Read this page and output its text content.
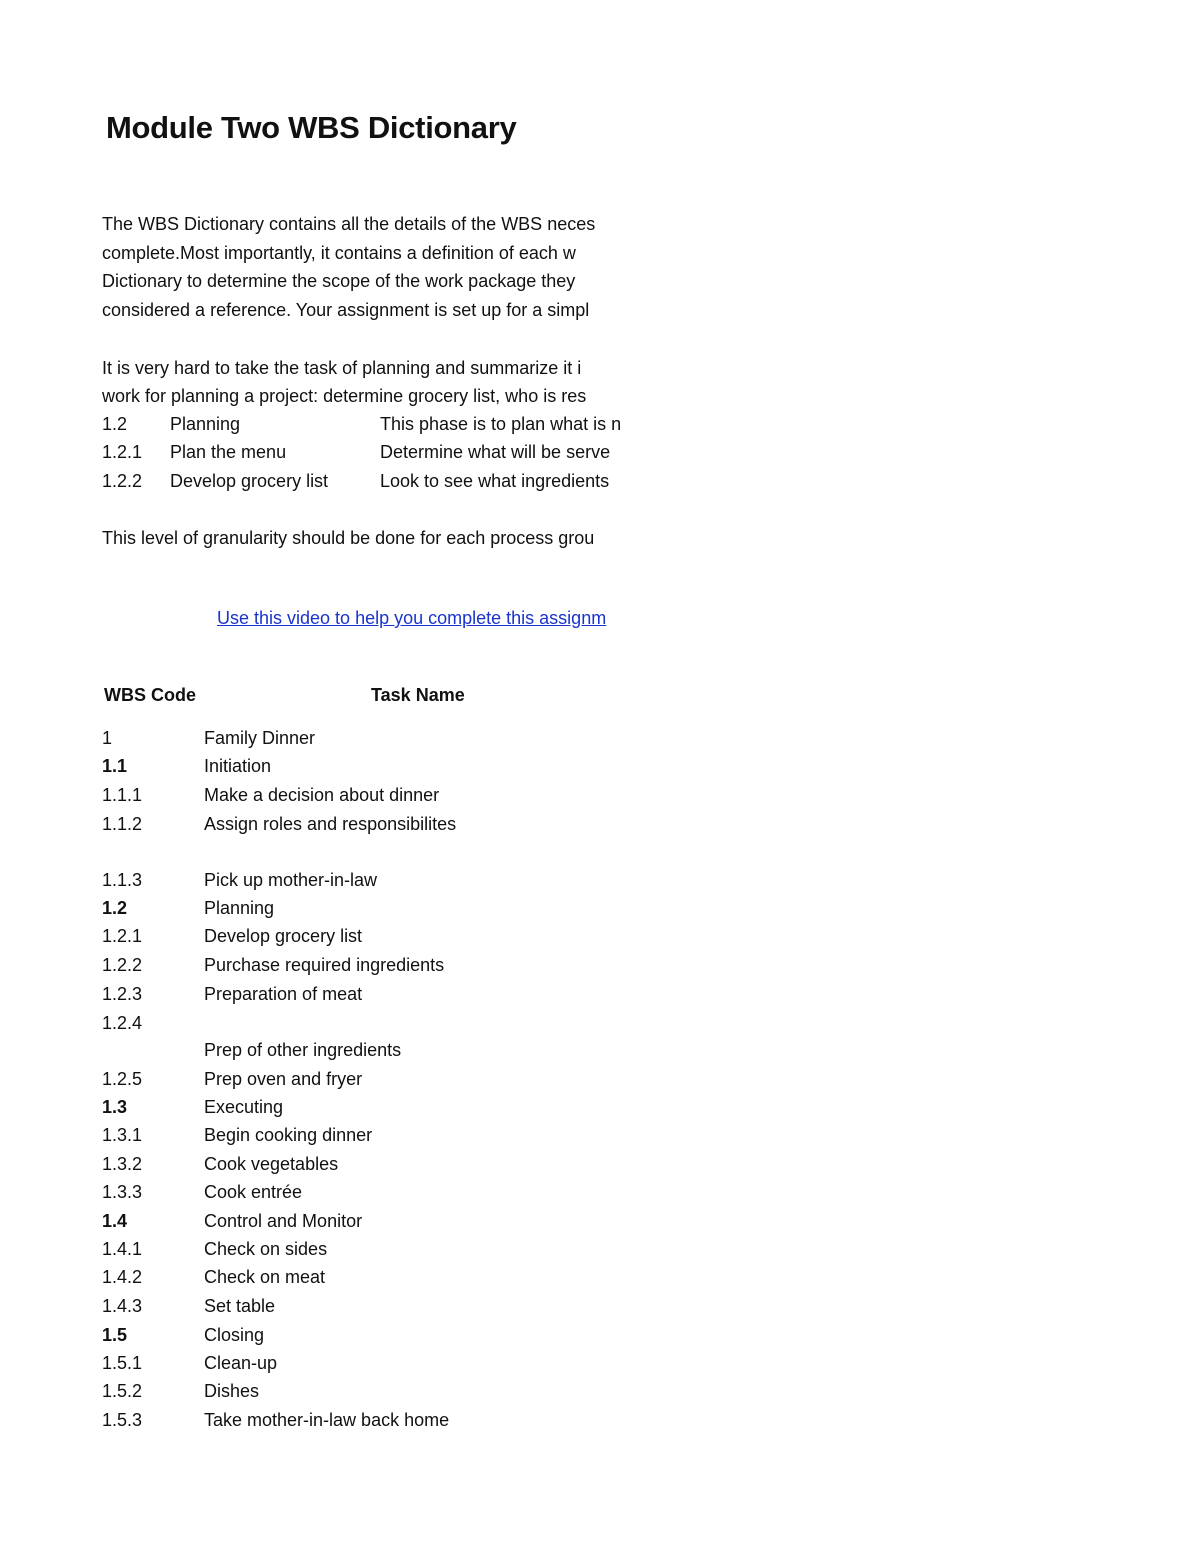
Module Two WBS Dictionary
The WBS Dictionary contains all the details of the WBS neces
complete.Most importantly, it contains a definition of each w
Dictionary to determine the scope of the work package they
considered a reference. Your assignment is set up for a simpl
It is very hard to take the task of planning and summarize it i
work for planning a project: determine grocery list, who is res
1.2 Planning	This phase is to plan what is n
1.2.1 Plan the menu	Determine what will be serve
1.2.2 Develop grocery list	Look to see what ingredients
This level of granularity should be done for each process grou
Use this video to help you complete this assignm
WBS Code	Task Name
1	Family Dinner
1.1	Initiation
1.1.1	Make a decision about dinner
1.1.2	Assign roles and responsibilites
1.1.3	Pick up mother-in-law
1.2	Planning
1.2.1	Develop grocery list
1.2.2	Purchase required ingredients
1.2.3	Preparation of meat
1.2.4
Prep of other ingredients
1.2.5	Prep oven and fryer
1.3	Executing
1.3.1	Begin cooking dinner
1.3.2	Cook vegetables
1.3.3	Cook entrée
1.4	Control and Monitor
1.4.1	Check on sides
1.4.2	Check on meat
1.4.3	Set table
1.5	Closing
1.5.1	Clean-up
1.5.2	Dishes
1.5.3	Take mother-in-law back home
